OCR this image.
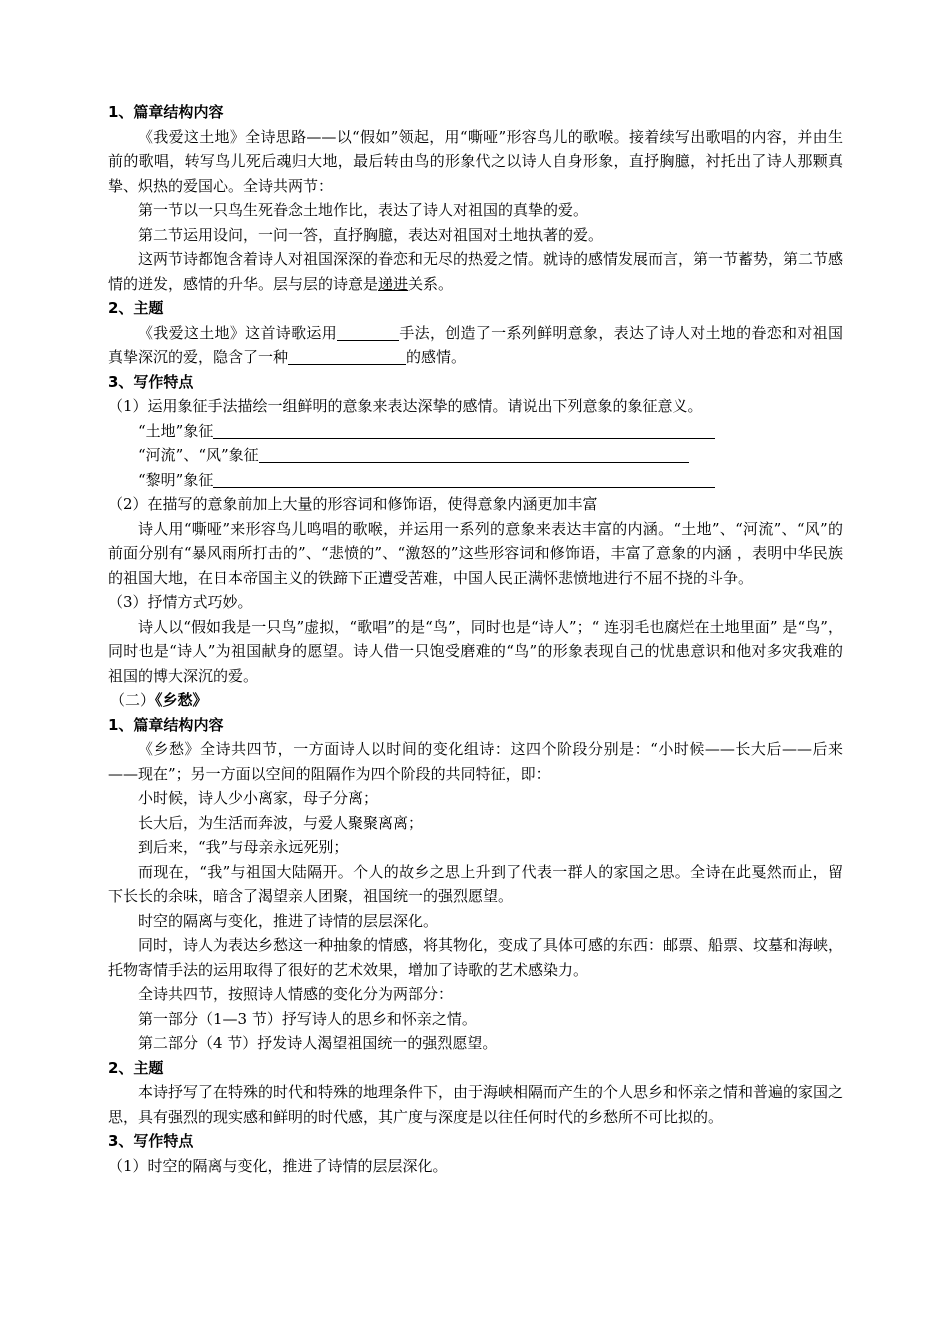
1、篇章结构内容
《我爱这土地》全诗思路——以“假如”领起，用“嘶哑”形容鸟儿的歌喉。接着续写出歌唱的内容，并由生前的歌唱，转写鸟儿死后魂归大地，最后转由鸟的形象代之以诗人自身形象，直抒胸臆，衬托出了诗人那颗真挚、炽热的爱国心。全诗共两节：
第一节以一只鸟生死眷念土地作比，表达了诗人对祖国的真挚的爱。
第二节运用设问，一问一答，直抒胸臆，表达对祖国对土地执著的爱。
这两节诗都饱含着诗人对祖国深深的眷恋和无尽的热爱之情。就诗的感情发展而言，第一节蓄势，第二节感情的迸发，感情的升华。层与层的诗意是递进关系。
2、主题
《我爱这土地》这首诗歌运用	手法，创造了一系列鲜明意象，表达了诗人对土地的眷恋和对祖国真挚深沉的爱，隐含了一种	的感情。
3、写作特点
（1）运用象征手法描绘一组鲜明的意象来表达深挚的感情。请说出下列意象的象征意义。
“土地”象征
“河流”、“风”象征
“黎明”象征
（2）在描写的意象前加上大量的形容词和修饰语，使得意象内涵更加丰富
诗人用“嘶哑”来形容鸟儿鸣唱的歌喉，并运用一系列的意象来表达丰富的内涵。“土地”、“河流”、“风”的前面分别有“暴风雨所打击的”、“悲愤的”、“激怒的”这些形容词和修饰语，丰富了意象的内涵 ，表明中华民族的祖国大地，在日本帝国主义的铁蹄下正遭受苦难，中国人民正满怀悲愤地进行不屈不挠的斗争。
（3）抒情方式巧妙。
诗人以“假如我是一只鸟”虚拟，“歌唱”的是“鸟”，同时也是“诗人”；“ 连羽毛也腐烂在土地里面” 是“鸟”，同时也是“诗人”为祖国献身的愿望。诗人借一只饱受磨难的“鸟”的形象表现自己的忧患意识和他对多灾我难的祖国的博大深沉的爱。
（二）《乡愁》
1、篇章结构内容
《乡愁》全诗共四节，一方面诗人以时间的变化组诗：这四个阶段分别是：“小时候——长大后——后来——现在”；另一方面以空间的阻隔作为四个阶段的共同特征，即：
小时候，诗人少小离家，母子分离；
长大后，为生活而奔波，与爱人聚聚离离；
到后来，“我”与母亲永远死别；
而现在，“我”与祖国大陆隔开。个人的故乡之思上升到了代表一群人的家国之思。全诗在此戛然而止，留下长长的余味，暗含了渴望亲人团聚，祖国统一的强烈愿望。
时空的隔离与变化，推进了诗情的层层深化。
同时，诗人为表达乡愁这一种抽象的情感，将其物化，变成了具体可感的东西：邮票、船票、坟墓和海峡，托物寄情手法的运用取得了很好的艺术效果，增加了诗歌的艺术感染力。
全诗共四节，按照诗人情感的变化分为两部分：
第一部分（1—3 节）抒写诗人的思乡和怀亲之情。
第二部分（4 节）抒发诗人渴望祖国统一的强烈愿望。
2、主题
本诗抒写了在特殊的时代和特殊的地理条件下，由于海峡相隔而产生的个人思乡和怀亲之情和普遍的家国之思，具有强烈的现实感和鲜明的时代感，其广度与深度是以往任何时代的乡愁所不可比拟的。
3、写作特点
（1）时空的隔离与变化，推进了诗情的层层深化。
